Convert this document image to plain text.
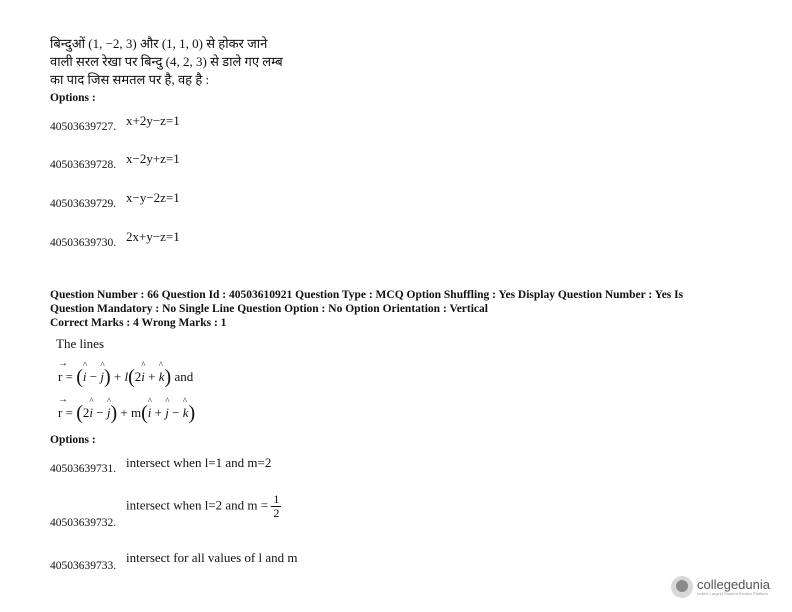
बिन्दुओं (1, −2, 3) और (1, 1, 0) से होकर जाने
वाली सरल रेखा पर बिन्दु (4, 2, 3) से डाले गए लम्ब
का पाद जिस समतल पर है, वह है :
Options :
40503639727. x+2y−z=1
40503639728. x−2y+z=1
40503639729. x−y−2z=1
40503639730. 2x+y−z=1
Question Number : 66 Question Id : 40503610921 Question Type : MCQ Option Shuffling : Yes Display Question Number : Yes Is
Question Mandatory : No Single Line Question Option : No Option Orientation : Vertical
Correct Marks : 4 Wrong Marks : 1
The lines
r
→
= (i
^
− j
^
) + l(2i
^
+ k
^
) and
r
→
= (2i
^
− j
^
) + m(i
^
+ j
^
− k
^
)
Options :
intersect when l=1 and m=2
40503639731.
intersect when l=2 and $m = \frac{1}{2}$
40503639732.
intersect for all values of l and m
40503639733.
collegedunia
India's Largest Student Review Platform
